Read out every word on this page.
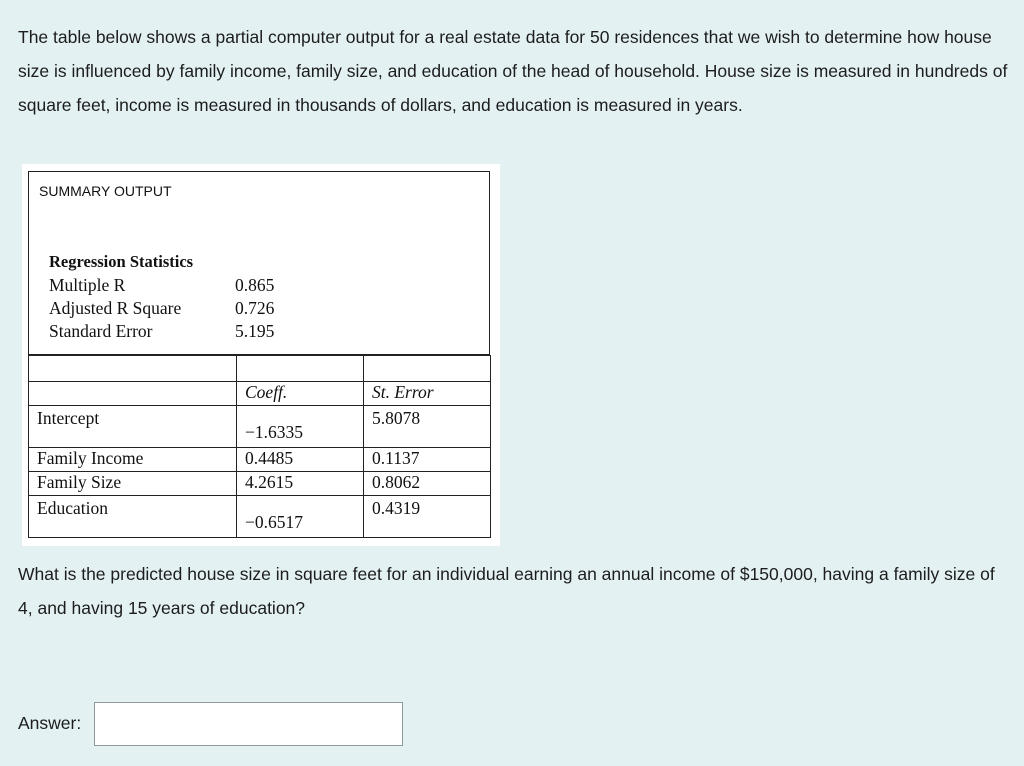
The table below shows a partial computer output for a real estate data for 50 residences that we wish to determine how house size is influenced by family income, family size, and education of the head of household. House size is measured in hundreds of square feet, income is measured in thousands of dollars, and education is measured in years.

SUMMARY OUTPUT
Regression Statistics
Multiple R	0.865
Adjusted R Square	0.726
Standard Error	5.195

	Coeff.	St. Error
Intercept	−1.6335	5.8078
Family Income	0.4485	0.1137
Family Size	4.2615	0.8062
Education	−0.6517	0.4319

What is the predicted house size in square feet for an individual earning an annual income of $150,000, having a family size of 4, and having 15 years of education?

Answer:
